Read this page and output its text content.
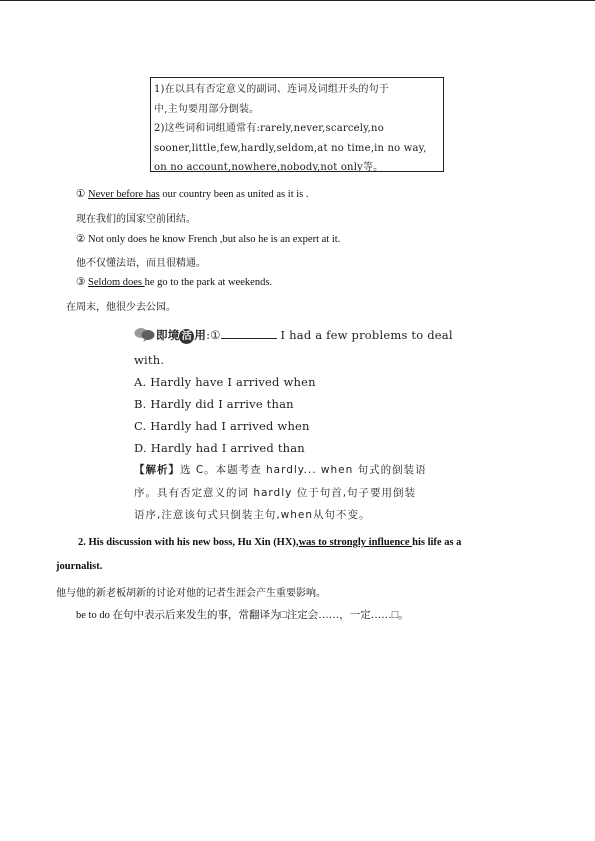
1)在以具有否定意义的副词、连词及词组开头的句于
中,主句要用部分倒装。
2)这些词和词组通常有:rarely,never,scarcely,no
sooner,little,few,hardly,seldom,at no time,in no way,
on no account,nowhere,nobody,not only等。
① Never before has our country been as united as it is .
现在我们的国家空前团结。
② Not only does he know French ,but also he is an expert at it.
他不仅懂法语，而且很精通。
③ Seldom does he go to the park at weekends.
在周末，他很少去公园。
即境 活 用:①	I had a few problems to deal
with.
A. Hardly have I arrived when
B. Hardly did I arrive than
C. Hardly had I arrived when
D. Hardly had I arrived than
【解析】选 C。本题考查 hardly... when 句式的倒装语
序。具有否定意义的词 hardly 位于句首,句子要用倒装
语序,注意该句式只倒装主句,when从句不变。
2. His discussion with his new boss, Hu Xin (HX),was to strongly influence his life as a
journalist.
他与他的新老板胡新的讨论对他的记者生涯会产生重要影响。
be to do 在句中表示后来发生的事，常翻译为□注定会……，一定……□。
